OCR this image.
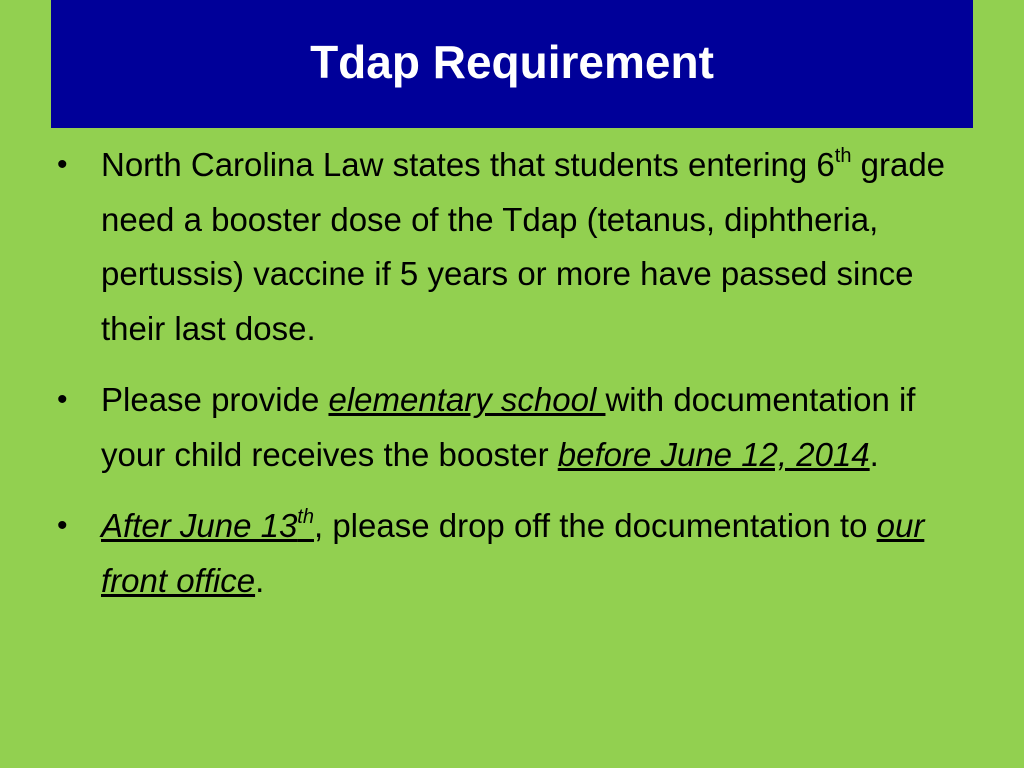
Tdap Requirement
• North Carolina Law states that students entering 6th grade need a booster dose of the Tdap (tetanus, diphtheria, pertussis) vaccine if 5 years or more have passed since their last dose.
• Please provide elementary school with documentation if your child receives the booster before June 12, 2014.
• After June 13th, please drop off the documentation to our front office.
